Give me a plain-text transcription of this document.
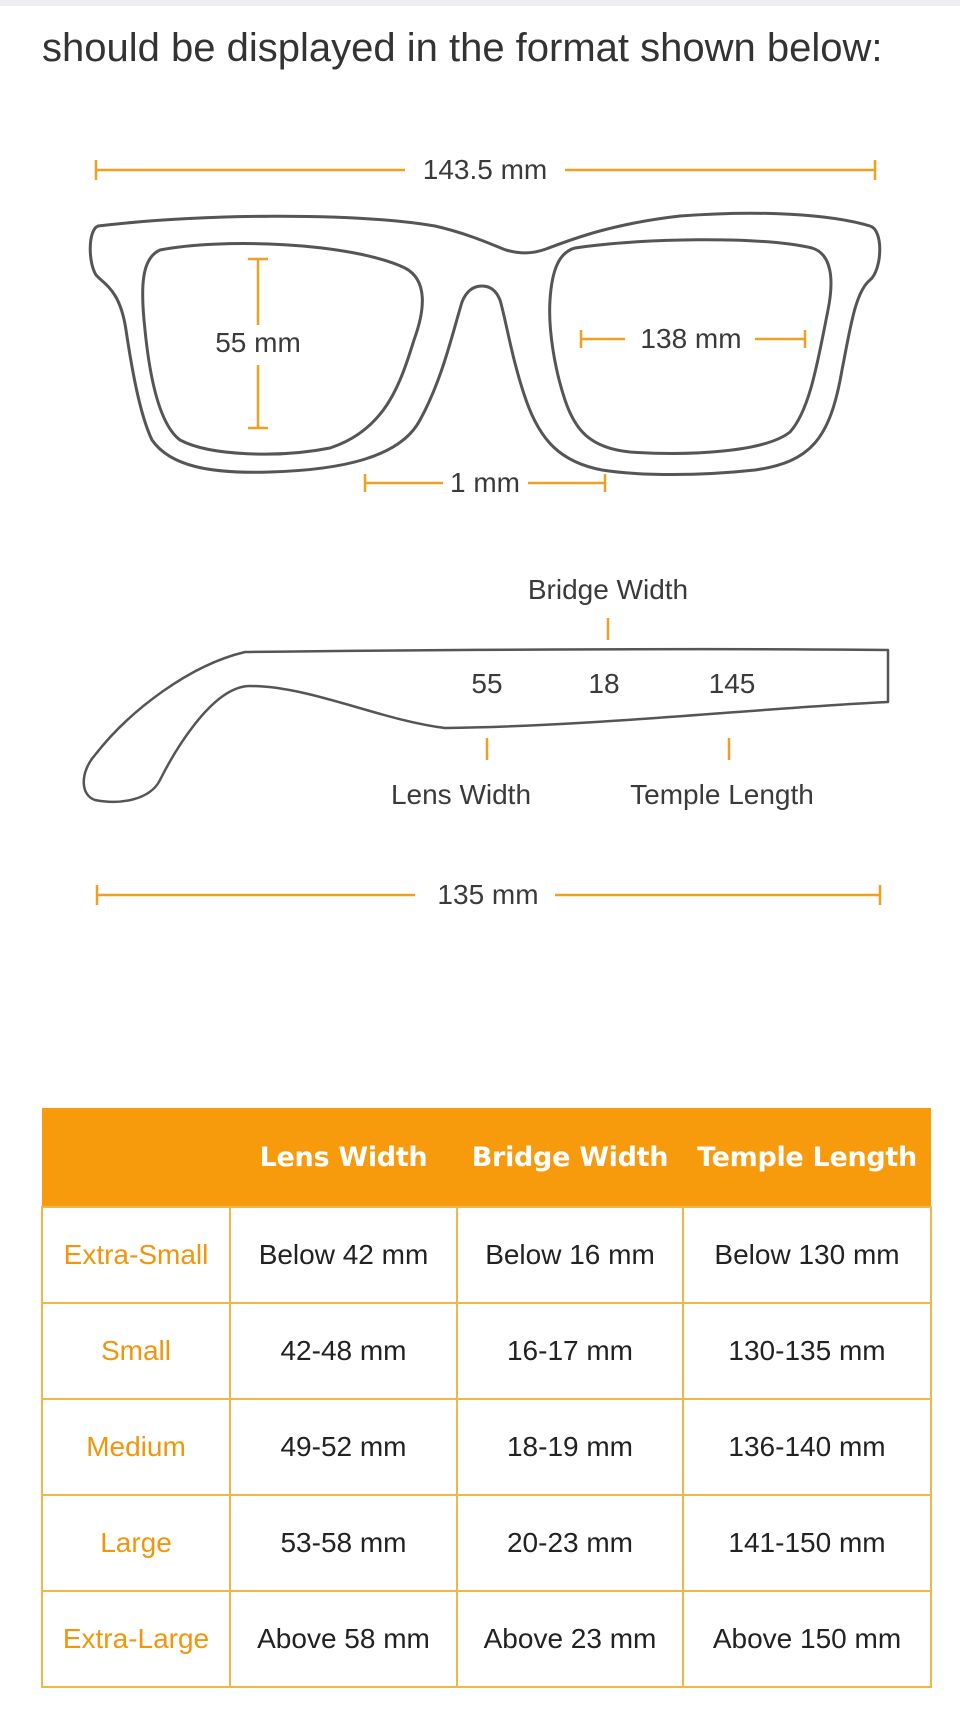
should be displayed in the format shown below:
143.5 mm
55 mm	138 mm
1 mm
Bridge Width
55	18	145
Lens Width	Temple Length
135 mm
	Lens Width	Bridge Width	Temple Length
Extra-Small	Below 42 mm	Below 16 mm	Below 130 mm
Small	42-48 mm	16-17 mm	130-135 mm
Medium	49-52 mm	18-19 mm	136-140 mm
Large	53-58 mm	20-23 mm	141-150 mm
Extra-Large	Above 58 mm	Above 23 mm	Above 150 mm
